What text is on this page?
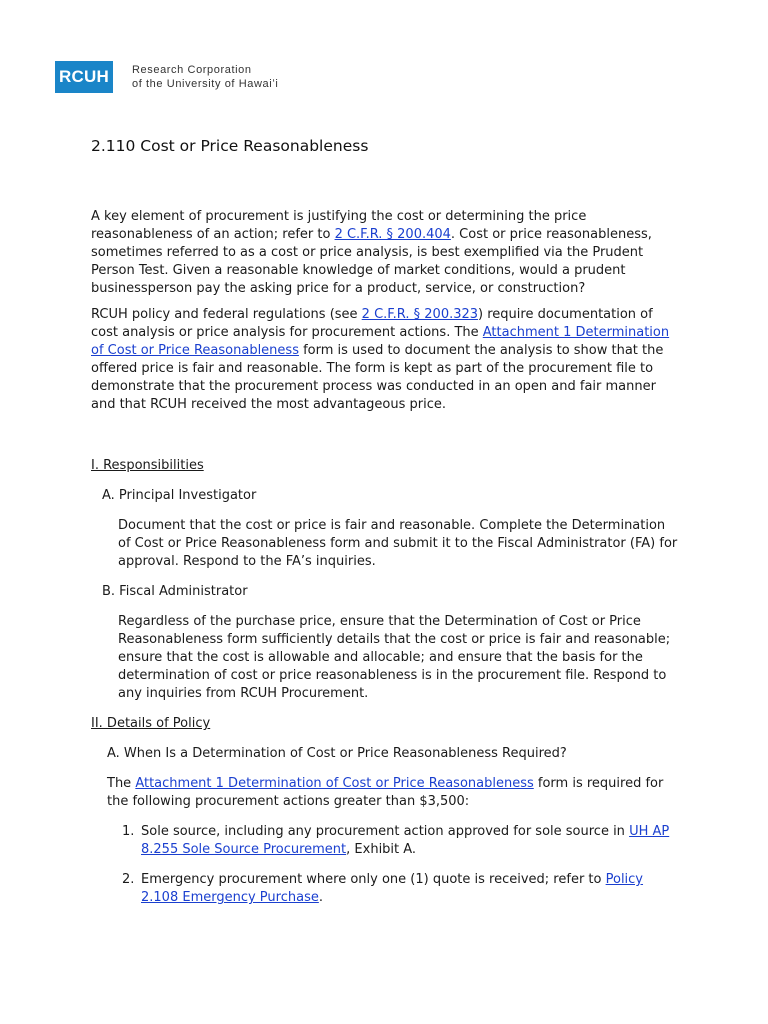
RCUH	Research Corporation
of the University of Hawaiʻi
2.110 Cost or Price Reasonableness

A key element of procurement is justifying the cost or determining the price reasonableness of an action; refer to 2 C.F.R. § 200.404. Cost or price reasonableness, sometimes referred to as a cost or price analysis, is best exemplified via the Prudent Person Test. Given a reasonable knowledge of market conditions, would a prudent businessperson pay the asking price for a product, service, or construction?

RCUH policy and federal regulations (see 2 C.F.R. § 200.323) require documentation of cost analysis or price analysis for procurement actions. The Attachment 1 Determination of Cost or Price Reasonableness form is used to document the analysis to show that the offered price is fair and reasonable. The form is kept as part of the procurement file to demonstrate that the procurement process was conducted in an open and fair manner and that RCUH received the most advantageous price.

I. Responsibilities

A. Principal Investigator

Document that the cost or price is fair and reasonable. Complete the Determination of Cost or Price Reasonableness form and submit it to the Fiscal Administrator (FA) for approval. Respond to the FA’s inquiries.

B. Fiscal Administrator

Regardless of the purchase price, ensure that the Determination of Cost or Price Reasonableness form sufficiently details that the cost or price is fair and reasonable; ensure that the cost is allowable and allocable; and ensure that the basis for the determination of cost or price reasonableness is in the procurement file. Respond to any inquiries from RCUH Procurement.

II. Details of Policy

A. When Is a Determination of Cost or Price Reasonableness Required?

The Attachment 1 Determination of Cost or Price Reasonableness form is required for the following procurement actions greater than $3,500:

1. Sole source, including any procurement action approved for sole source in UH AP 8.255 Sole Source Procurement, Exhibit A.
2. Emergency procurement where only one (1) quote is received; refer to Policy 2.108 Emergency Purchase.
